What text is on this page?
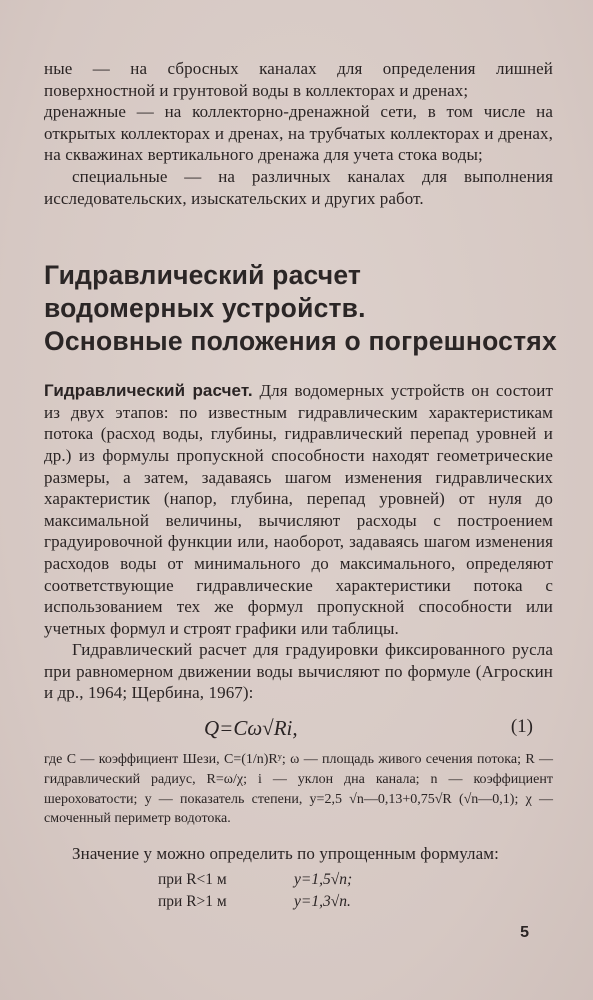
ные — на сбросных каналах для определения лишней поверхностной и грунтовой воды в коллекторах и дренах;

дренажные — на коллекторно-дренажной сети, в том числе на открытых коллекторах и дренах, на трубчатых коллекторах и дренах, на скважинах вертикального дренажа для учета стока воды;

специальные — на различных каналах для выполнения исследовательских, изыскательских и других работ.

Гидравлический расчет
водомерных устройств.
Основные положения о погрешностях

Гидравлический расчет. Для водомерных устройств он состоит из двух этапов: по известным гидравлическим характеристикам потока (расход воды, глубины, гидравлический перепад уровней и др.) из формулы пропускной способности находят геометрические размеры, а затем, задаваясь шагом изменения гидравлических характеристик (напор, глубина, перепад уровней) от нуля до максимальной величины, вычисляют расходы с построением градуировочной функции или, наоборот, задаваясь шагом изменения расходов воды от минимального до максимального, определяют соответствующие гидравлические характеристики потока с использованием тех же формул пропускной способности или учетных формул и строят графики или таблицы.

Гидравлический расчет для градуировки фиксированного русла при равномерном движении воды вычисляют по формуле (Агроскин и др., 1964; Щербина, 1967):

Q=Cω√Ri,	(1)

где C — коэффициент Шези, C=(1/n)Rʸ; ω — площадь живого сечения потока; R — гидравлический радиус, R=ω/χ; i — уклон дна канала; n — коэффициент шероховатости; y — показатель степени, y=2,5 √n—0,13+0,75√R (√n—0,1); χ — смоченный периметр водотока.

Значение y можно определить по упрощенным формулам:

при R<1 м	y=1,5√n;
при R>1 м	y=1,3√n.
5
